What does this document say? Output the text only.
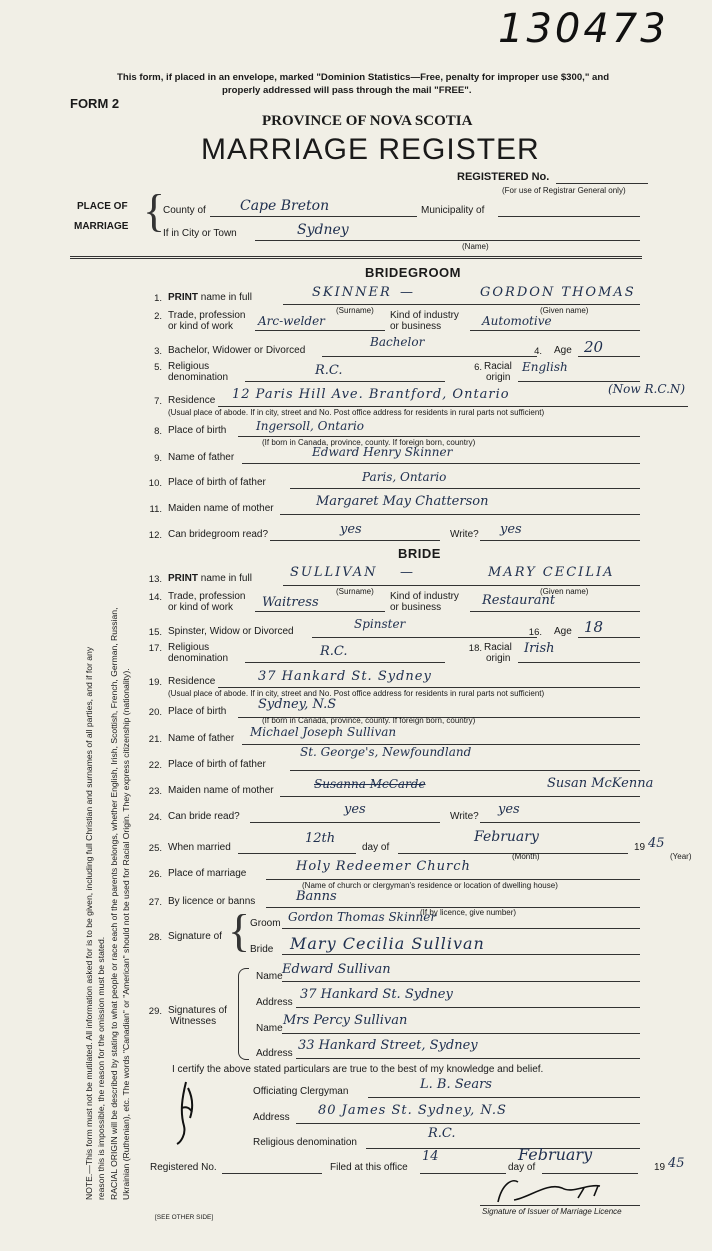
130473
This form, if placed in an envelope, marked "Dominion Statistics—Free, penalty for improper use $300," and
properly addressed will pass through the mail "FREE".
FORM 2
PROVINCE OF NOVA SCOTIA
MARRIAGE REGISTER
REGISTERED No.
(For use of Registrar General only)
PLACE OF
MARRIAGE {
County of Cape Breton	Municipality of
If in City or Town	Sydney
(Name)
BRIDEGROOM
1. PRINT name in full	SKINNER —	GORDON THOMAS
(Surname)	(Given name)
2. Trade, profession
or kind of work Arc-welder	Kind of industry
or business	Automotive
3. Bachelor, Widower or Divorced
Bachelor
4. Age 20
5. Religious
denomination	R.C.	6. Racial
origin
English
7. Residence 12 Paris Hill Ave. Brantford, Ontario	(Now R.C.N)
(Usual place of abode. If in city, street and No. Post office address for residents in rural parts not sufficient)
8. Place of birth Ingersoll, Ontario
(If born in Canada, province, county. If foreign born, country)
9. Name of father	Edward Henry Skinner
10. Place of birth of father	Paris, Ontario
11. Maiden name of mother	Margaret May Chatterson
12. Can bridegroom read?	yes	Write? yes
BRIDE
13. PRINT name in full	SULLIVAN —	MARY CECILIA
(Surname)	(Given name)
14. Trade, profession
or kind of work Waitress	Kind of industry
or business	Restaurant
15. Spinster, Widow or Divorced
Spinster
16. Age 18
17. Religious
denomination	R.C.	18. Racial
origin
Irish
19. Residence	37 Hankard St. Sydney
(Usual place of abode. If in city, street and No. Post office address for residents in rural parts not sufficient)
20. Place of birth Sydney, N.S
(If born in Canada, province, county. If foreign born, country)
21. Name of father Michael Joseph Sullivan
22. Place of birth of father
St. George's, Newfoundland
23. Maiden name of mother	Susanna McCarde	Susan McKenna
24. Can bride read?	yes	Write? yes
25. When married
12th
day of
February
(Month)
19 45
(Year)
26. Place of marriage	Holy Redeemer Church
(Name of church or clergyman's residence or location of dwelling house)
27. By licence or banns	Banns
(If by licence, give number)
28. Signature of { Groom Gordon Thomas Skinner
Bride Mary Cecilia Sullivan
29. Signatures of
Witnesses
Name Edward Sullivan
Address
37 Hankard St. Sydney
Name
Mrs Percy Sullivan
Address
33 Hankard Street, Sydney
I certify the above stated particulars are true to the best of my knowledge and belief.
Officiating Clergyman	L. B. Sears
Address 80 James St. Sydney, N.S
Religious denomination
R.C.
Registered No.	Filed at this office
14
day of
February
19 45
Signature of Issuer of Marriage Licence
[SEE OTHER SIDE]
NOTE.—This form must not be mutilated. All information asked for is to be given, including full Christian and surnames of all parties, and if for any reason this is impossible, the reason for the omission must be stated. RACIAL ORIGIN will be described by stating to what people or race each of the parents belongs, whether English, Irish, Scottish, French, German, Russian, Ukrainian (Ruthenian), etc. The words "Canadian" or "American" should not be used for Racial Origin. They express citizenship (nationality).
